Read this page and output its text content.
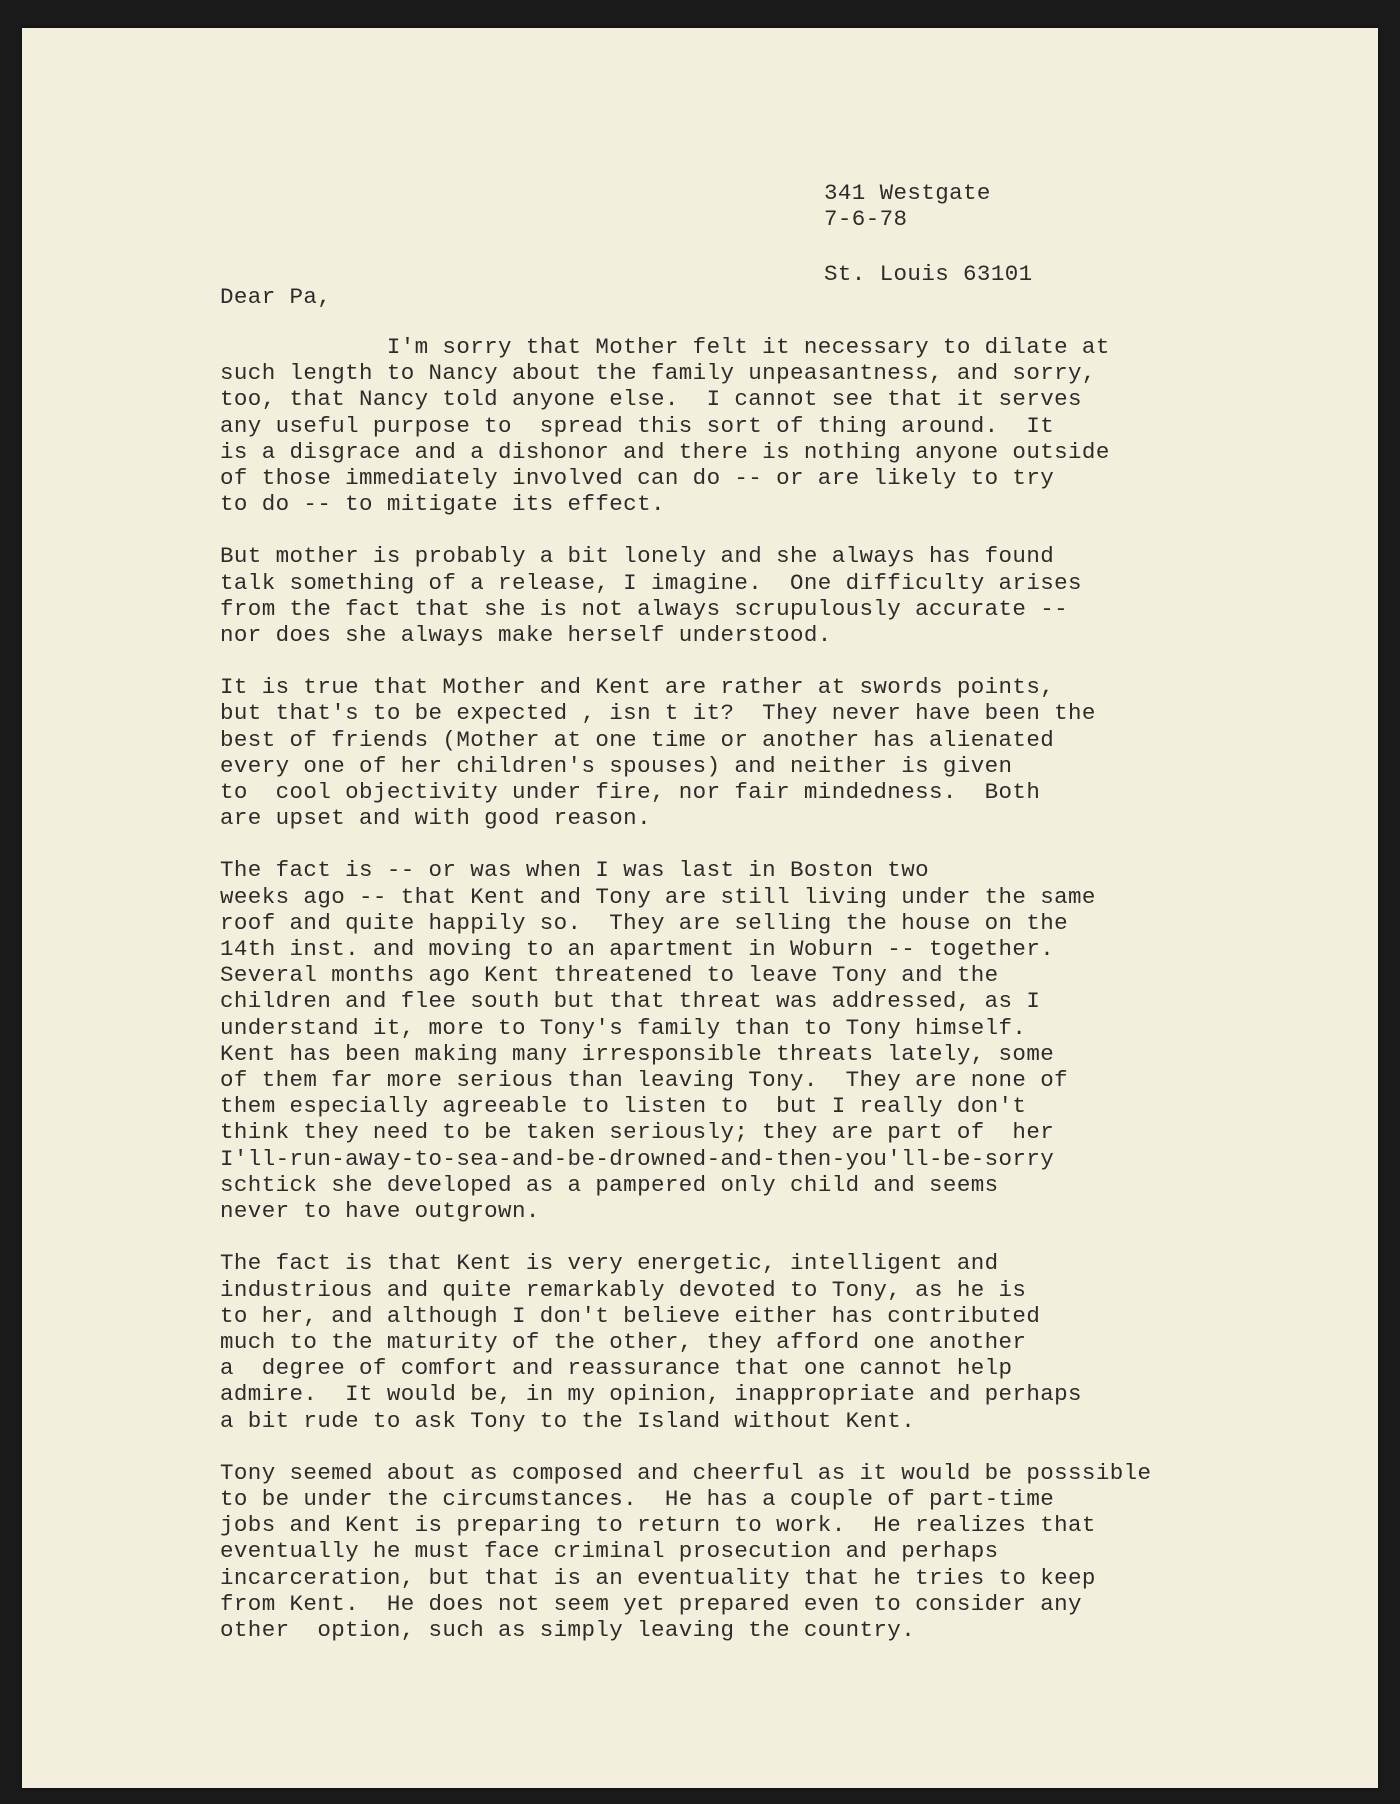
341 Westgate

St. Louis 63101

7-6-78
Dear Pa,
I'm sorry that Mother felt it necessary to dilate at
such length to Nancy about the family unpeasantness, and sorry,
too, that Nancy told anyone else.  I cannot see that it serves
any useful purpose to  spread this sort of thing around.  It
is a disgrace and a dishonor and there is nothing anyone outside
of those immediately involved can do -- or are likely to try
to do -- to mitigate its effect.
But mother is probably a bit lonely and she always has found
talk something of a release, I imagine.  One difficulty arises
from the fact that she is not always scrupulously accurate --
nor does she always make herself understood.
It is true that Mother and Kent are rather at swords points,
but that's to be expected , isn t it?  They never have been the
best of friends (Mother at one time or another has alienated
every one of her children's spouses) and neither is given
to  cool objectivity under fire, nor fair mindedness.  Both
are upset and with good reason.
The fact is -- or was when I was last in Boston two
weeks ago -- that Kent and Tony are still living under the same
roof and quite happily so.  They are selling the house on the
14th inst. and moving to an apartment in Woburn -- together.
Several months ago Kent threatened to leave Tony and the
children and flee south but that threat was addressed, as I
understand it, more to Tony's family than to Tony himself.
Kent has been making many irresponsible threats lately, some
of them far more serious than leaving Tony.  They are none of
them especially agreeable to listen to  but I really don't
think they need to be taken seriously; they are part of  her
I'll-run-away-to-sea-and-be-drowned-and-then-you'll-be-sorry
schtick she developed as a pampered only child and seems
never to have outgrown.
The fact is that Kent is very energetic, intelligent and
industrious and quite remarkably devoted to Tony, as he is
to her, and although I don't believe either has contributed
much to the maturity of the other, they afford one another
a  degree of comfort and reassurance that one cannot help
admire.  It would be, in my opinion, inappropriate and perhaps
a bit rude to ask Tony to the Island without Kent.
Tony seemed about as composed and cheerful as it would be posssible
to be under the circumstances.  He has a couple of part-time
jobs and Kent is preparing to return to work.  He realizes that
eventually he must face criminal prosecution and perhaps
incarceration, but that is an eventuality that he tries to keep
from Kent.  He does not seem yet prepared even to consider any
other  option, such as simply leaving the country.
